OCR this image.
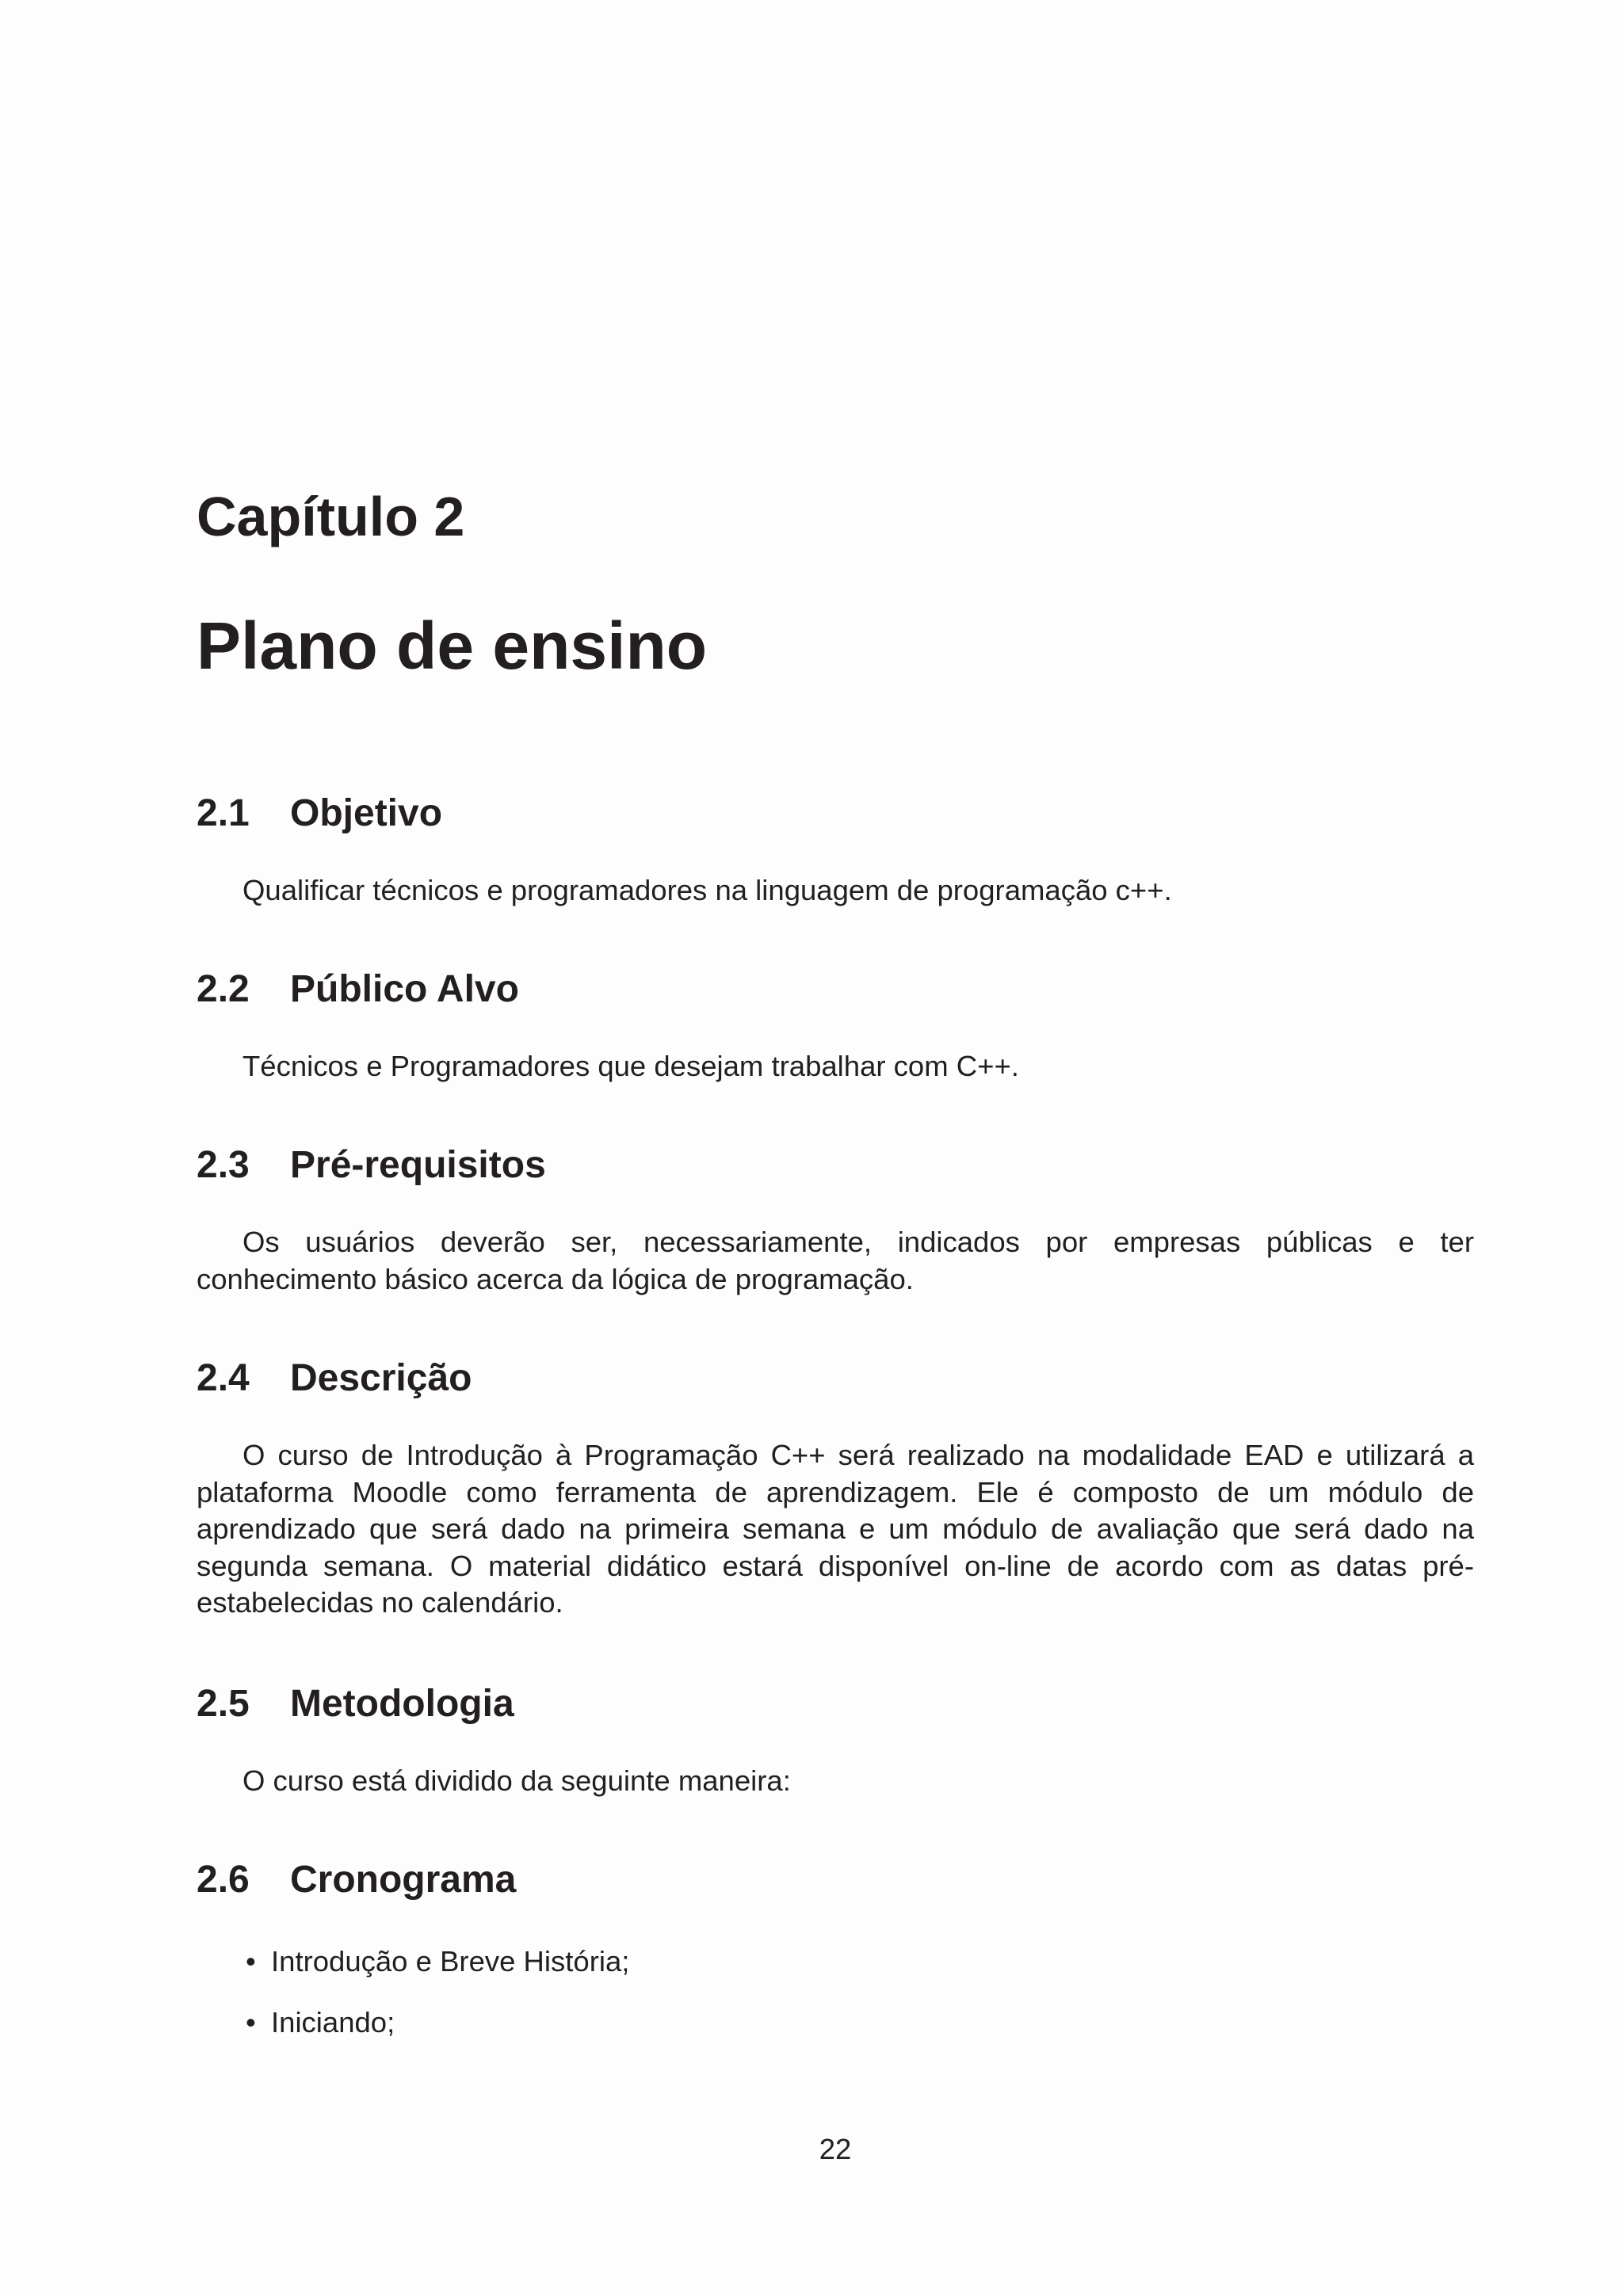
Capítulo 2
Plano de ensino
2.1 Objetivo

Qualificar técnicos e programadores na linguagem de programação c++.

2.2 Público Alvo

Técnicos e Programadores que desejam trabalhar com C++.

2.3 Pré-requisitos

Os usuários deverão ser, necessariamente, indicados por empresas públicas e ter conhecimento básico acerca da lógica de programação.

2.4 Descrição

O curso de Introdução à Programação C++ será realizado na modalidade EAD e utilizará a plataforma Moodle como ferramenta de aprendizagem. Ele é composto de um módulo de aprendizado que será dado na primeira semana e um módulo de avaliação que será dado na segunda semana. O material didático estará disponível on-line de acordo com as datas pré-estabelecidas no calendário.

2.5 Metodologia

O curso está dividido da seguinte maneira:

2.6 Cronograma
• Introdução e Breve História;
• Iniciando;
22
